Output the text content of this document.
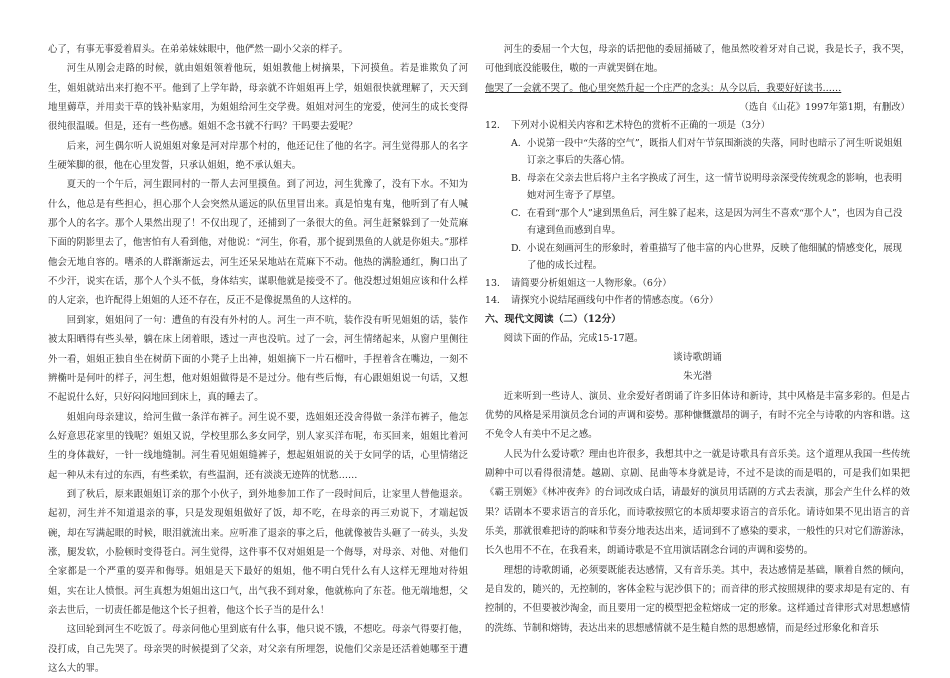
心了，有事无事爱着眉头。在弟弟妹妹眼中，他俨然一副小父亲的样子。

河生从刚会走路的时候，就由姐姐领着他玩，姐姐教他上树摘果，下河摸鱼。若是谁欺负了河生，姐姐就站出来打抱不平。他到了上学年龄，母亲就不许姐姐再上学，姐姐很快就理解了，天天到地里薅草，并用卖干草的钱补贴家用，为姐姐给河生交学费。姐姐对河生的宠爱，使河生的成长变得很纯很温暖。但是，还有一些伤感。姐姐不念书就不行吗？干吗要去爱呢？

后来，河生偶尔听人说姐姐对象是河对岸那个村的，他还记住了他的名字。河生觉得那人的名字生硬笨脚的很，他在心里发誓，只承认姐姐，绝不承认姐夫。

夏天的一个午后，河生跟同村的一帮人去河里摸鱼。到了河边，河生犹豫了，没有下水。不知为什么，他总是有些担心，担心那个人会突然从遥远的队伍里冒出来。真是怕鬼有鬼，他听到了有人喊那个人的名字。那个人果然出现了！不仅出现了，还捕到了一条很大的鱼。河生赶紧躲到了一处荒麻下面的阴影里去了，他害怕有人看到他，对他说：“河生，你看，那个捉到黑鱼的人就是你姐夫。”那样他会无地自容的。嗜杀的人群渐渐远去，河生还呆呆地站在荒麻下不动。他热的满脸通红，胸口出了不少汗，说实在话，那个人个头不低，身体结实，谋职他就是接受不了。他没想过姐姐应该和什么样的人定亲，也许配得上姐姐的人还不存在，反正不是像捉黑鱼的人这样的。

回到家，姐姐问了一句：遭鱼的有没有外村的人。河生一声不吭，装作没有听见姐姐的话，装作被太阳晒得有些头晕，躺在床上闭着眼，透过一声也没吭。过了一会，河生情绪起来，从窗户里侧往外一看，姐姐正独自坐在树荫下面的小凳子上出神，姐姐摘下一片石榴叶，手捏着含在嘴边，一刻不辨椭叶是何叶的样子，河生想，他对姐姐做得是不是过分。他有些后悔，有心跟姐姐说一句话，又想不起说什么好，只好闷闷地回到床上，真的睡去了。

姐姐向母亲建议，给河生做一条洋布裤子。河生说不要，选姐姐还没舍得做一条洋布裤子，他怎么好意思花家里的钱呢？姐姐又说，学校里那么多女同学，别人家买洋布呢，布买回来，姐姐比着河生的身体裁好，一针一线地缝制。河生看见姐姐缝裤子，想起姐姐说的关于女同学的话，心里情绪泛起一种从未有过的东西，有些柔软，有些温润，还有淡淡无迹阵的忧愁……

到了秋后，原来跟姐姐订亲的那个小伙子，到外地参加工作了一段时间后，让家里人替他退亲。起初，河生并不知道退亲的事，只是发现姐姐做好了饭，却不吃，在母亲的再三劝说下，才端起饭碗，却在写满起眼的时候，眼泪就流出来。应听准了退亲的事之后，他就像被告头砸了一砖头，头发涨，腿发软，小脸顿时变得苍白。河生觉得，这件事不仅对姐姐是一个侮辱，对母亲、对他、对他们全家都是一个严重的耍弄和侮辱。姐姐是天下最好的姐姐，他不明白凭什么有人这样无理地对待姐姐，实在让人愤恨。河生真想为姐姐出这口气，出气我不到对象，他就栋向了东苍。他无端地想，父亲去世后，一切责任都是他这个长子担着，他这个长子当的是什么！

这回轮到河生不吃饭了。母亲问他心里到底有什么事，他只说不饿，不想吃。母亲气得要打他，没打成，自己先哭了。母亲哭的时候提到了父亲，对父亲有所埋怨，说他们父亲是还活着她哪至于遭这么大的罪。

河生的委屈一个大包，母亲的话把他的委屈捅破了，他虽然咬着牙对自己说，我是长子，我不哭，可他到底没能吸住，嗷的一声就哭倒在地。

他哭了一会就不哭了。他心里突然升起一个庄严的念头：从今以后，我要好好读书……

（选自《山花》1997年第1期，有删改）

12.	下列对小说相关内容和艺术特色的赏析不正确的一项是（3分）
A. 小说第一段中“失落的空气”，既指人们对午节氛围渐淡的失落，同时也暗示了河生听说姐姐订亲之事后的失落心情。
B. 母亲在父亲去世后将户主名字换成了河生，这一情节说明母亲深受传统观念的影响，也表明她对河生寄予了厚望。
C. 在看到“那个人”逮到黑鱼后，河生躲了起来，这是因为河生不喜欢“那个人”，也因为自己没有逮到鱼而感到自卑。
D. 小说在刻画河生的形象时，着重描写了他丰富的内心世界，反映了他细腻的情感变化，展现了他的成长过程。
13.	请简要分析姐姐这一人物形象。（6分）
14.	请探究小说结尾画线句中作者的情感态度。（6分）
六、现代文阅读（二）（12分）

阅读下面的作品，完成15-17题。

谈诗歌朗诵

朱光潜

近来听到一些诗人、演员、业余爱好者朗诵了许多旧体诗和新诗，其中风格是丰富多彩的。但是占优势的风格是采用演员念台词的声调和姿势。那种慷慨激昂的调子，有时不完全与诗歌的内容和谐。这不免令人有美中不足之感。

人民为什么爱诗歌？理由也许很多，我想其中之一就是诗歌具有音乐美。这个道理从我国一些传统剧种中可以看得很清楚。越剧、京剧、昆曲等本身就是诗，不过不是读的而是唱的，可是我们如果把《霸王别姬》《林冲夜奔》的台词改成白话，请最好的演员用话剧的方式去表演，那会产生什么样的效果？话剧本不要求语言的音乐化，而诗歌按照它的本质却要求语言的音乐化。请诗如果不见出语言的音乐美，那就很难把诗的韵味和节奏分地表达出来，适词到不了感染的要求，一般性的只对它们游游泳，长久也用不不在，在我看来，朗诵诗歌是不宜用演话剧念台词的声调和姿势的。

理想的诗歌朗诵，必须要既能表达感情，又有音乐美。其中，表达感情是基础，顺着自然的倾向，是自发的，随兴的，无控制的，客体金粒与泥沙俱下的；而音律的形式按照规律的要求却是有定的、有控制的，不但要被沙淘金，而且要用一定的模型把金粒熔成一定的形象。这样通过音律形式对思想感情的洗练、节制和熔铸，表达出来的思想感情就不是生糙自然的思想感情，而是经过形象化和音乐
